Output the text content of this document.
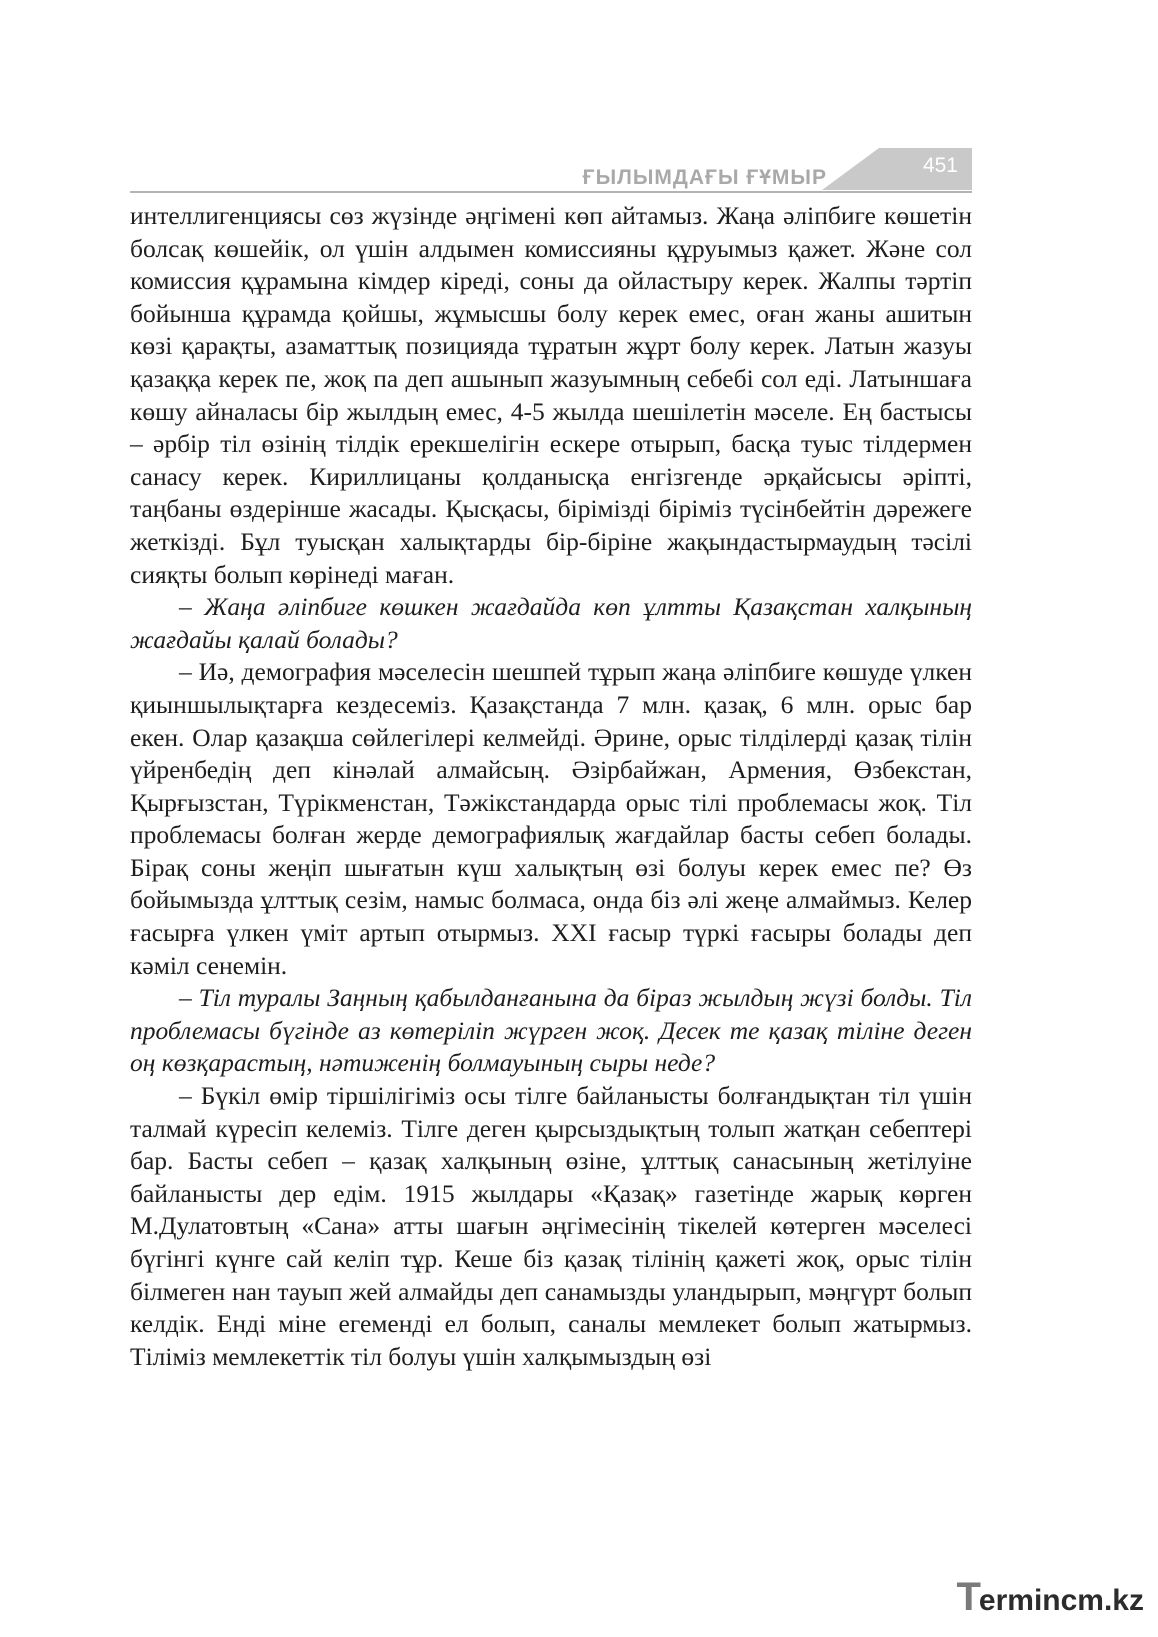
ҒЫЛЫМДАҒЫ ҒҰМЫР
451

интеллигенциясы сөз жүзінде әңгімені көп айтамыз. Жаңа әліпбиге көшетін болсақ көшейік, ол үшін алдымен комиссияны құруымыз қажет. Және сол комиссия құрамына кімдер кіреді, соны да ойластыру керек. Жалпы тәртіп бойынша құрамда қойшы, жұмысшы болу керек емес, оған жаны ашитын көзі қарақты, азаматтық позицияда тұратын жұрт болу керек. Латын жазуы қазаққа керек пе, жоқ па деп ашынып жазуымның себебі сол еді. Латыншаға көшу айналасы бір жылдың емес, 4-5 жылда шешілетін мәселе. Ең бастысы – әрбір тіл өзінің тілдік ерекшелігін ескере отырып, басқа туыс тілдермен санасу керек. Кириллицаны қолданысқа енгізгенде әрқайсысы әріпті, таңбаны өздерінше жасады. Қысқасы, бірімізді біріміз түсінбейтін дәрежеге жеткізді. Бұл туысқан халықтарды бір-біріне жақындастырмаудың тәсілі сияқты болып көрінеді маған.

– Жаңа әліпбиге көшкен жағдайда көп ұлтты Қазақстан халқының жағдайы қалай болады?

– Иә, демография мәселесін шешпей тұрып жаңа әліпбиге көшуде үлкен қиыншылықтарға кездесеміз. Қазақстанда 7 млн. қазақ, 6 млн. орыс бар екен. Олар қазақша сөйлегілері келмейді. Әрине, орыс тілділерді қазақ тілін үйренбедің деп кінәлай алмайсың. Әзірбайжан, Армения, Өзбекстан, Қырғызстан, Түрікменстан, Тәжікстандарда орыс тілі проблемасы жоқ. Тіл проблемасы болған жерде демографиялық жағдайлар басты себеп болады. Бірақ соны жеңіп шығатын күш халықтың өзі болуы керек емес пе? Өз бойымызда ұлттық сезім, намыс болмаса, онда біз әлі жеңе алмаймыз. Келер ғасырға үлкен үміт артып отырмыз. XXI ғасыр түркі ғасыры болады деп кәміл сенемін.

– Тіл туралы Заңның қабылданғанына да біраз жылдың жүзі болды. Тіл проблемасы бүгінде аз көтеріліп жүрген жоқ. Десек те қазақ тіліне деген оң көзқарастың, нәтиженің болмауының сыры неде?

– Бүкіл өмір тіршілігіміз осы тілге байланысты болғандықтан тіл үшін талмай күресіп келеміз. Тілге деген қырсыздықтың толып жатқан себептері бар. Басты себеп – қазақ халқының өзіне, ұлттық санасының жетілуіне байланысты дер едім. 1915 жылдары «Қазақ» газетінде жарық көрген М.Дулатовтың «Сана» атты шағын әңгімесінің тікелей көтерген мәселесі бүгінгі күнге сай келіп тұр. Кеше біз қазақ тілінің қажеті жоқ, орыс тілін білмеген нан тауып жей алмайды деп санамызды уландырып, мәңгүрт болып келдік. Енді міне егеменді ел болып, саналы мемлекет болып жатырмыз. Тіліміз мемлекеттік тіл болуы үшін халқымыздың өзі

Termincm.kz
